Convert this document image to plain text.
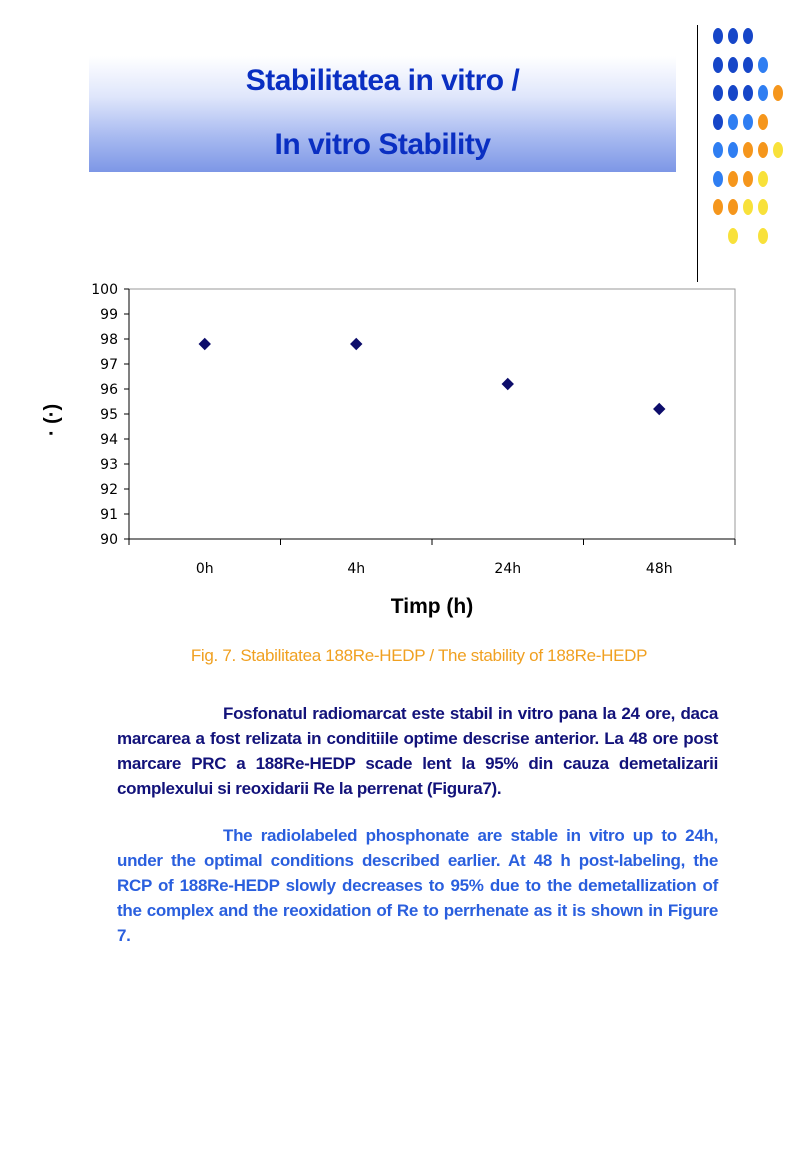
Stabilitatea in vitro /
In vitro Stability
90
91
92
93
94
95
96
97
98
99
100
0h	4h	24h	48h
Timp (h)
· (·)
Fig. 7. Stabilitatea 188Re-HEDP / The stability of 188Re-HEDP

Fosfonatul radiomarcat este stabil in vitro pana la 24 ore, daca marcarea a fost relizata in conditiile optime descrise anterior. La 48 ore post marcare PRC a 188Re-HEDP scade lent la 95% din cauza demetalizarii complexului si reoxidarii Re la perrenat (Figura7).

The radiolabeled phosphonate are stable in vitro up to 24h, under the optimal conditions described earlier. At 48 h post-labeling, the RCP of 188Re-HEDP slowly decreases to 95% due to the demetallization of the complex and the reoxidation of Re to perrhenate as it is shown in Figure 7.
